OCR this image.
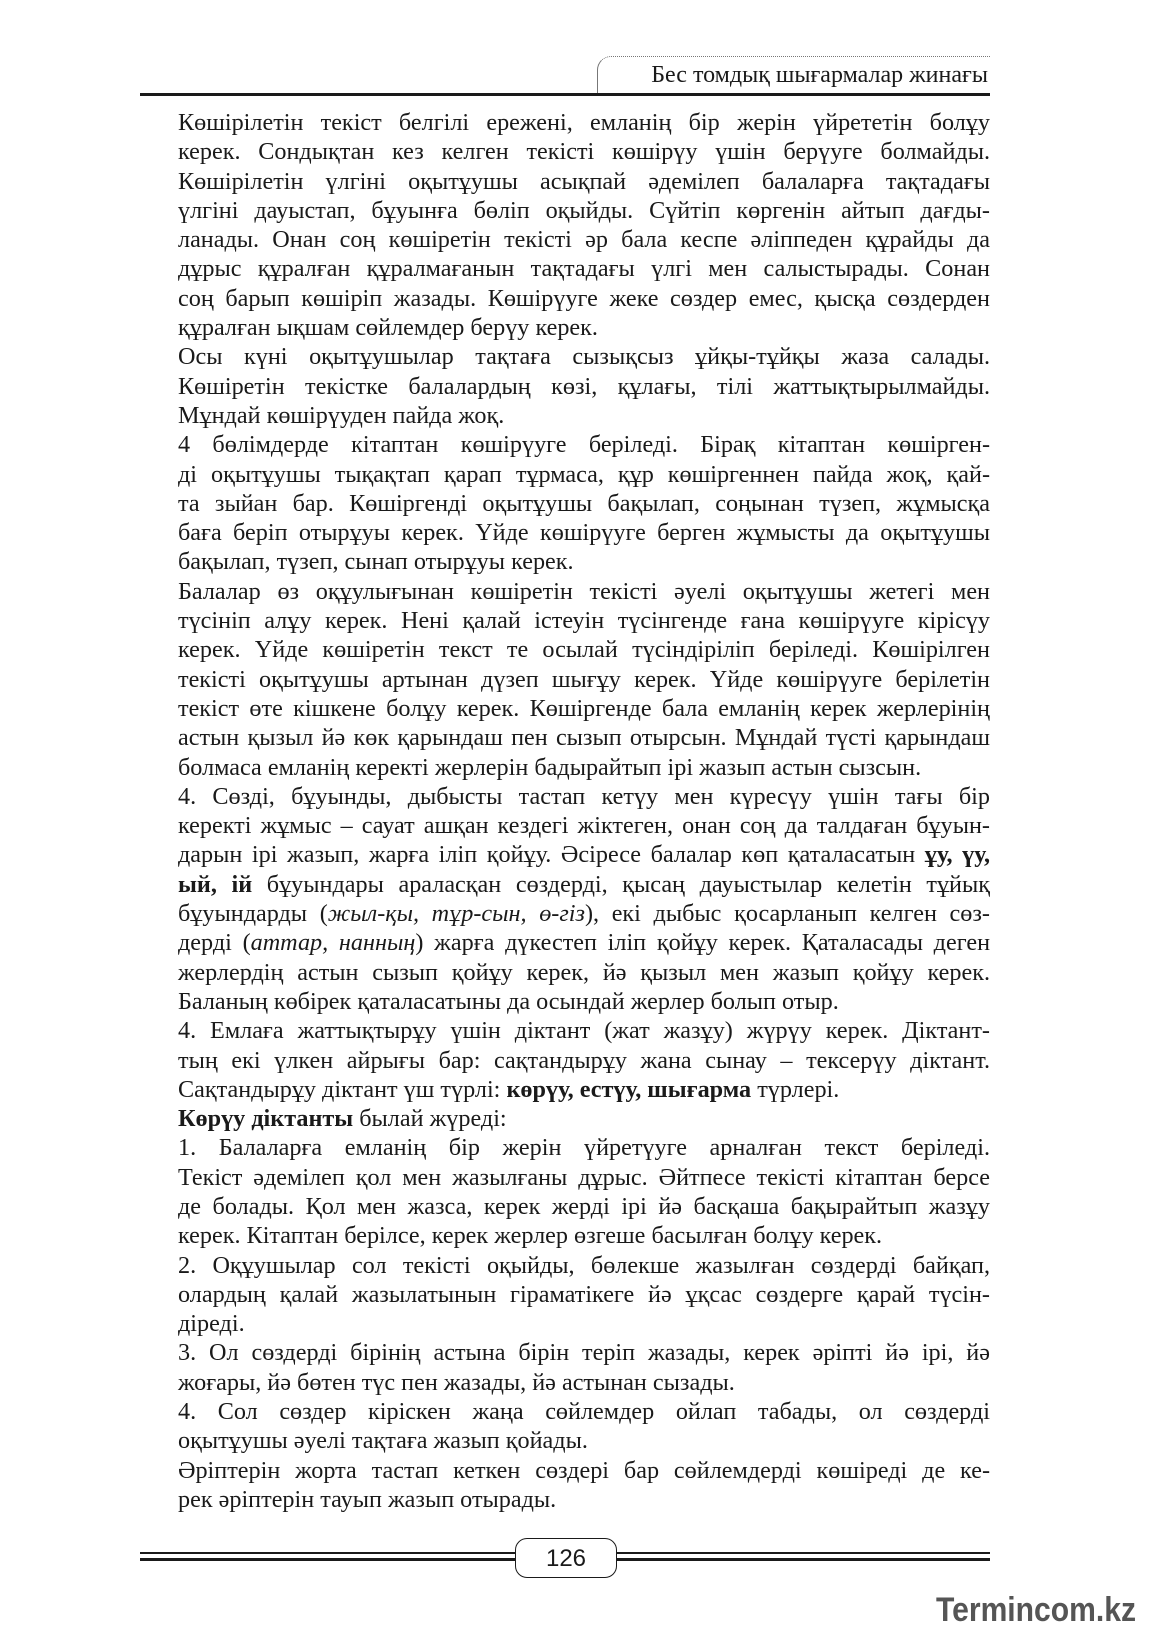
Бес томдық шығармалар жинағы

Көшірілетін текіст белгілі ережені, емланің бір жерін үйрететін болұу
керек. Сондықтан кез келген текісті көшірүу үшін берүуге болмайды.
Көшірілетін үлгіні оқытұушы асықпай әдемілеп балаларға тақтадағы
үлгіні дауыстап, бұуынға бөліп оқыйды. Сүйтіп көргенін айтып дағды-
ланады. Онан соң көшіретін текісті әр бала кеспе әліппеден құрайды да
дұрыс құралған құралмағанын тақтадағы үлгі мен салыстырады. Сонан
соң барып көшіріп жазады. Көшірүуге жеке сөздер емес, қысқа сөздерден
құралған ықшам сөйлемдер берүу керек.

Осы күні оқытұушылар тақтаға сызықсыз ұйқы-тұйқы жаза салады.
Көшіретін текістке балалардың көзі, құлағы, тілі жаттықтырылмайды.
Мұндай көшірүуден пайда жоқ.

4 бөлімдерде кітаптан көшірүуге беріледі. Бірақ кітаптан көшірген-
ді оқытұушы тықақтап қарап тұрмаса, құр көшіргеннен пайда жоқ, қай-
та зыйан бар. Көшіргенді оқытұушы бақылап, соңынан түзеп, жұмысқа
баға беріп отырұуы керек. Үйде көшірүуге берген жұмысты да оқытұушы
бақылап, түзеп, сынап отырұуы керек.

Балалар өз оқұулығынан көшіретін текісті әуелі оқытұушы жетегі мен
түсініп алұу керек. Нені қалай істеуін түсінгенде ғана көшірүуге кірісүу
керек. Үйде көшіретін текст те осылай түсіндіріліп беріледі. Көшірілген
текісті оқытұушы артынан дүзеп шығұу керек. Үйде көшірүуге берілетін
текіст өте кішкене болұу керек. Көшіргенде бала емланің керек жерлерінің
астын қызыл йә көк қарындаш пен сызып отырсын. Мұндай түсті қарындаш
болмаса емланің керекті жерлерін бадырайтып ірі жазып астын сызсын.

4. Сөзді, бұуынды, дыбысты тастап кетүу мен күресүу үшін тағы бір
керекті жұмыс – сауат ашқан кездегі жіктеген, онан соң да талдаған бұуын-
дарын ірі жазып, жарға іліп қойұу. Әсіресе балалар көп қаталасатын ұу, үу,
ый, ій бұуындары араласқан сөздерді, қысаң дауыстылар келетін тұйық
бұуындарды (жыл-қы, тұр-сын, ө-гіз), екі дыбыс қосарланып келген сөз-
дерді (аттар, нанның) жарға дүкестеп іліп қойұу керек. Қаталасады деген
жерлердің астын сызып қойұу керек, йә қызыл мен жазып қойұу керек.
Баланың көбірек қаталасатыны да осындай жерлер болып отыр.

4. Емлаға жаттықтырұу үшін діктант (жат жазұу) жүрүу керек. Діктант-
тың екі үлкен айрығы бар: сақтандырұу жана сынау – тексерүу діктант.
Сақтандырұу діктант үш түрлі: көрүу, естүу, шығарма түрлері.

Көрүу діктанты былай жүреді:

1. Балаларға емланің бір жерін үйретүуге арналған текст беріледі.
Текіст әдемілеп қол мен жазылғаны дұрыс. Әйтпесе текісті кітаптан берсе
де болады. Қол мен жазса, керек жерді ірі йә басқаша бақырайтып жазұу
керек. Кітаптан берілсе, керек жерлер өзгеше басылған болұу керек.

2. Оқұушылар сол текісті оқыйды, бөлекше жазылған сөздерді байқап,
олардың қалай жазылатынын гіраматікеге йә ұқсас сөздерге қарай түсін-
діреді.

3. Ол сөздерді бірінің астына бірін теріп жазады, керек әріпті йә ірі, йә
жоғары, йә бөтен түс пен жазады, йә астынан сызады.

4. Сол сөздер кіріскен жаңа сөйлемдер ойлап табады, ол сөздерді
оқытұушы әуелі тақтаға жазып қойады.

Әріптерін жорта тастап кеткен сөздері бар сөйлемдерді көшіреді де ке-
рек әріптерін тауып жазып отырады.

126
Termincom.kz
